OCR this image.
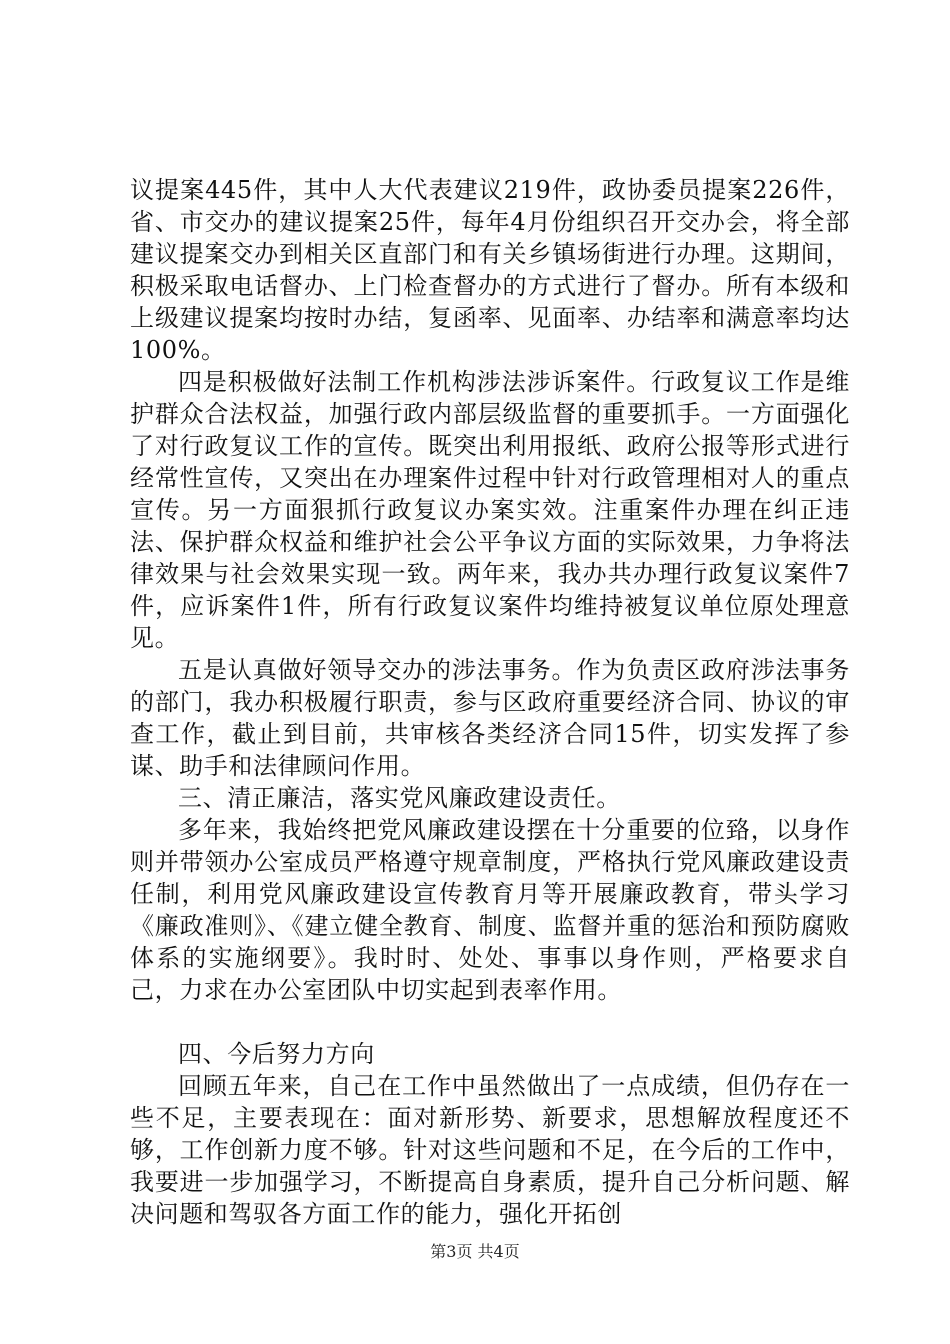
议提案445件，其中人大代表建议219件，政协委员提案226件，省、市交办的建议提案25件，每年4月份组织召开交办会，将全部建议提案交办到相关区直部门和有关乡镇场街进行办理。这期间，积极采取电话督办、上门检查督办的方式进行了督办。所有本级和上级建议提案均按时办结，复函率、见面率、办结率和满意率均达100%。

四是积极做好法制工作机构涉法涉诉案件。行政复议工作是维护群众合法权益，加强行政内部层级监督的重要抓手。一方面强化了对行政复议工作的宣传。既突出利用报纸、政府公报等形式进行经常性宣传，又突出在办理案件过程中针对行政管理相对人的重点宣传。另一方面狠抓行政复议办案实效。注重案件办理在纠正违法、保护群众权益和维护社会公平争议方面的实际效果，力争将法律效果与社会效果实现一致。两年来，我办共办理行政复议案件7件，应诉案件1件，所有行政复议案件均维持被复议单位原处理意见。

五是认真做好领导交办的涉法事务。作为负责区政府涉法事务的部门，我办积极履行职责，参与区政府重要经济合同、协议的审查工作，截止到目前，共审核各类经济合同15件，切实发挥了参谋、助手和法律顾问作用。

三、清正廉洁，落实党风廉政建设责任。

多年来，我始终把党风廉政建设摆在十分重要的位臵，以身作则并带领办公室成员严格遵守规章制度，严格执行党风廉政建设责任制，利用党风廉政建设宣传教育月等开展廉政教育，带头学习《廉政准则》、《建立健全教育、制度、监督并重的惩治和预防腐败体系的实施纲要》。我时时、处处、事事以身作则，严格要求自己，力求在办公室团队中切实起到表率作用。

四、今后努力方向

回顾五年来，自己在工作中虽然做出了一点成绩，但仍存在一些不足，主要表现在：面对新形势、新要求，思想解放程度还不够，工作创新力度不够。针对这些问题和不足，在今后的工作中，我要进一步加强学习，不断提高自身素质，提升自己分析问题、解决问题和驾驭各方面工作的能力，强化开拓创

第3页 共4页
